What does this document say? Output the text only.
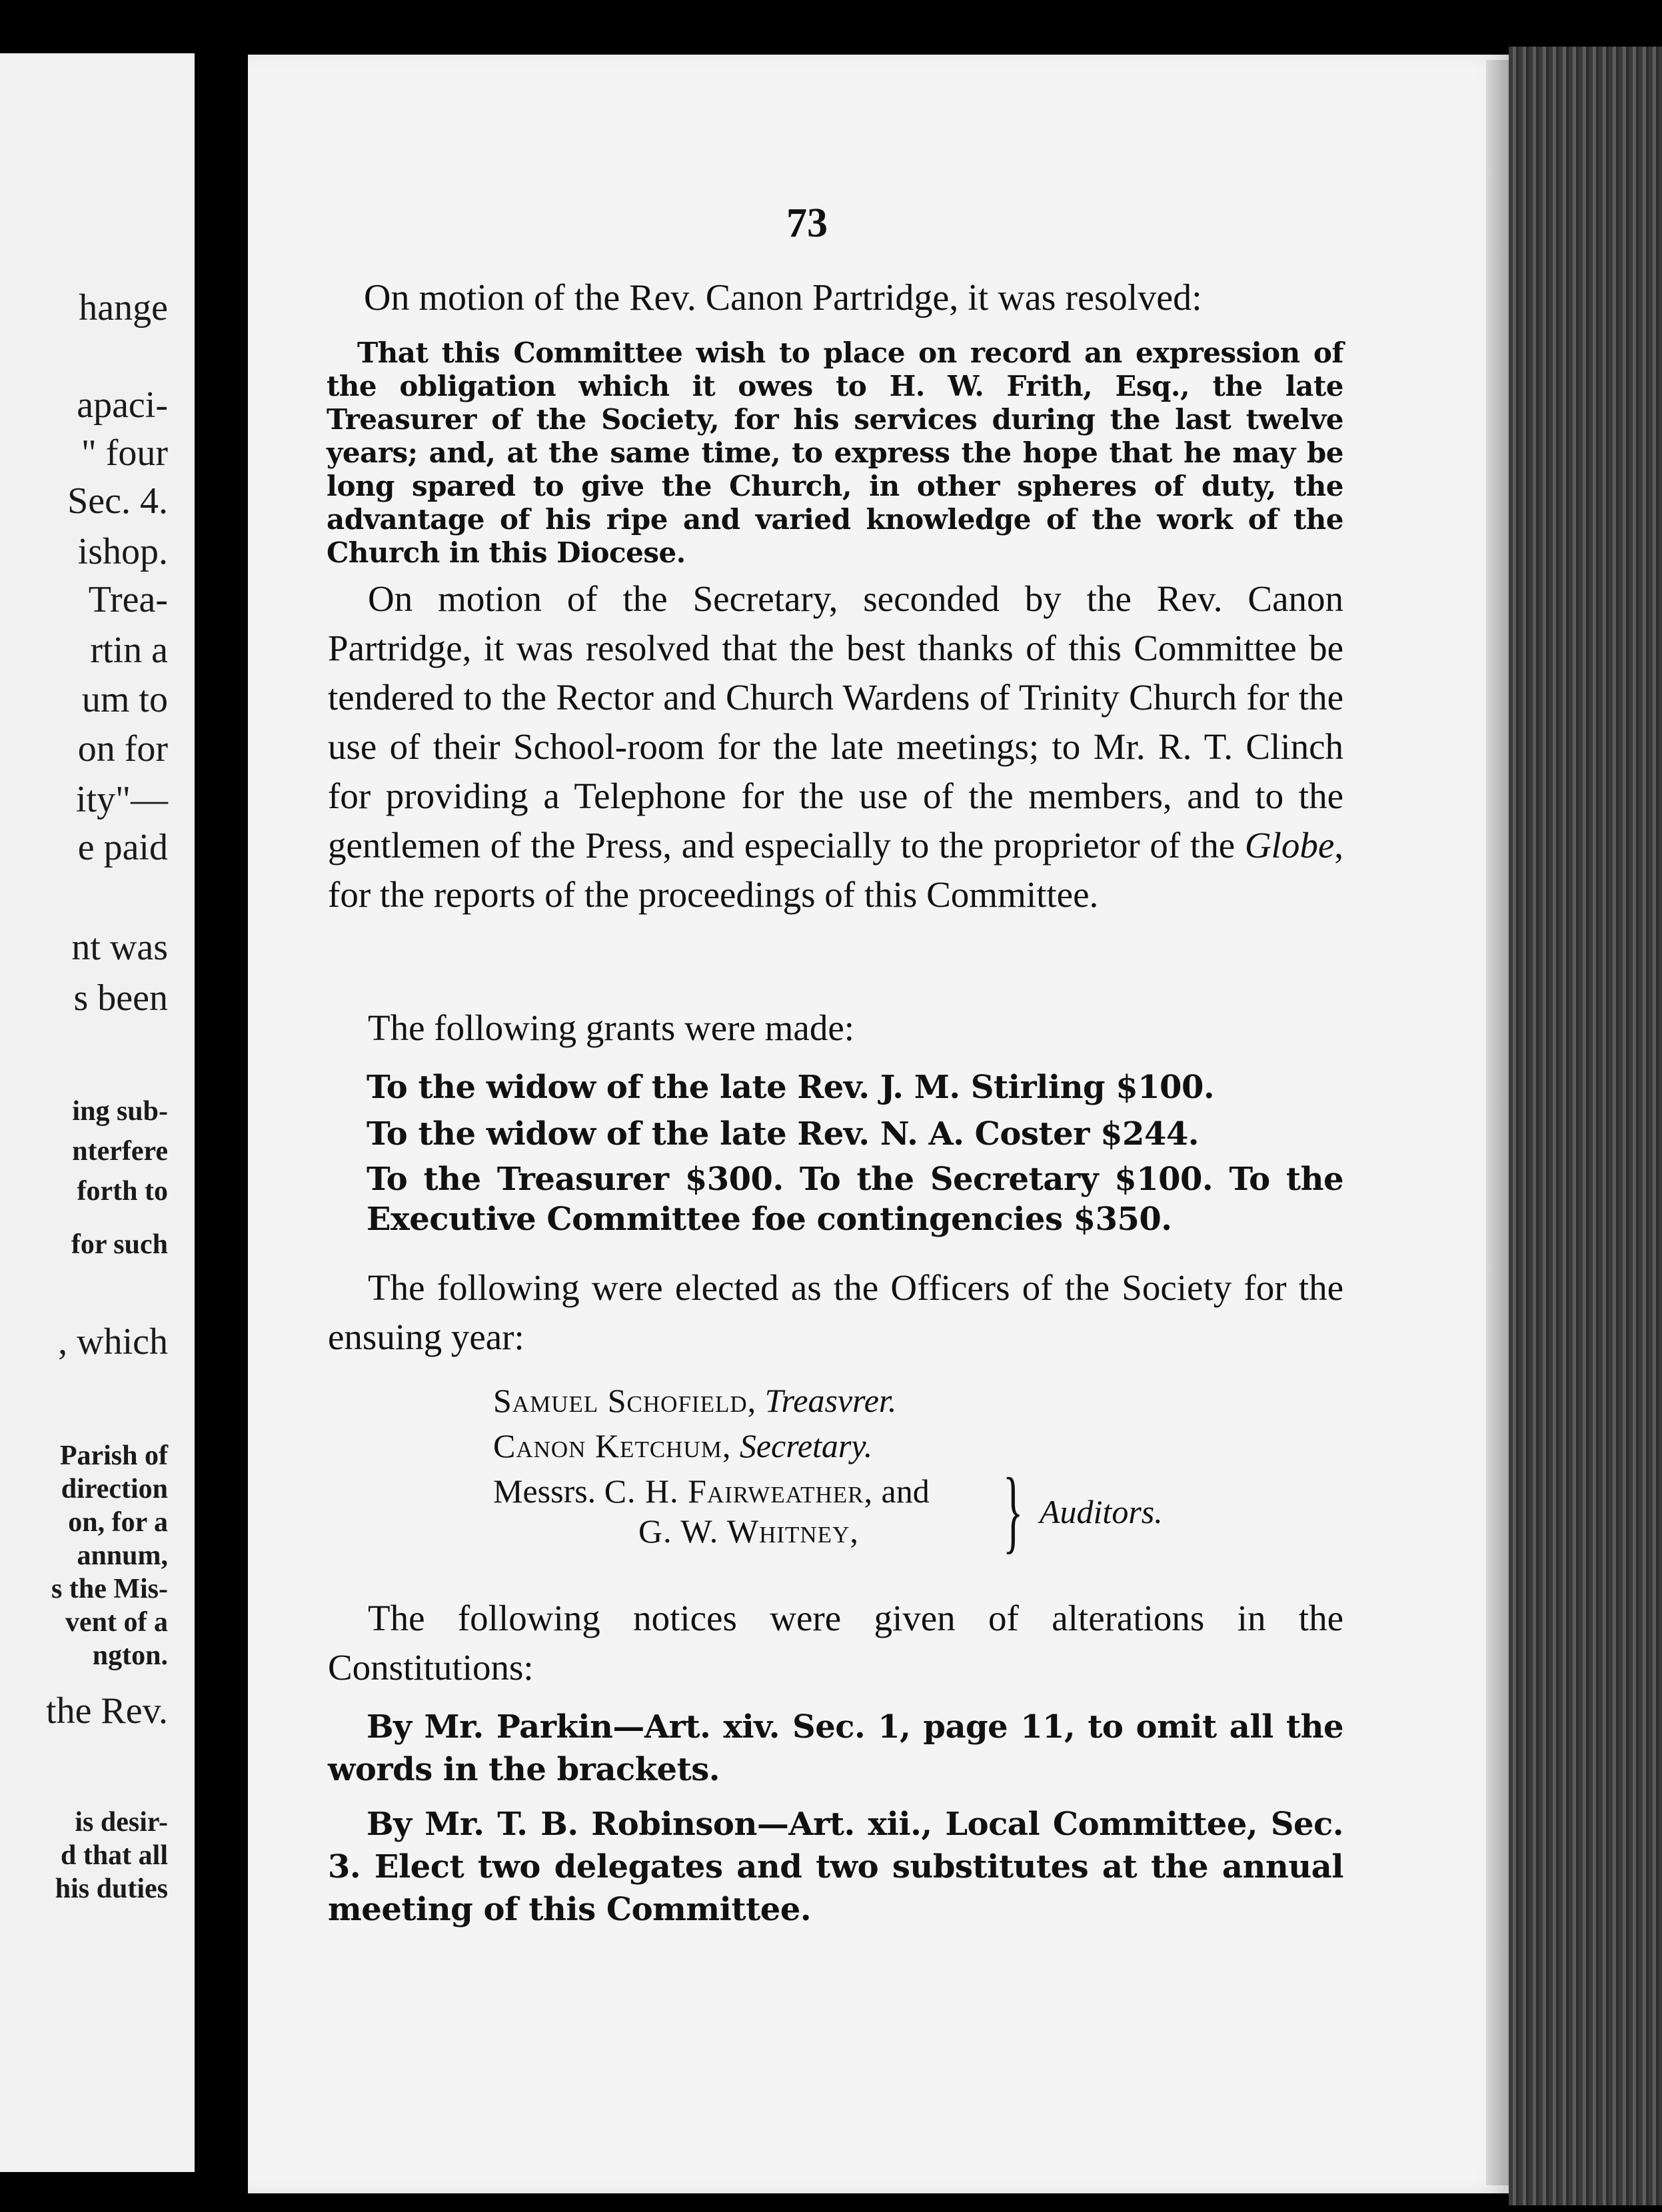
hange
apaci-
" four
Sec. 4.
ishop.
Trea-
rtin a
um to
on for
ity"—
e paid
nt was
s been
ing sub-
nterfere
forth to
for such
, which
Parish of
direction
on, for a
annum,
s the Mis-
vent of a
ngton.
the Rev.
is desir-
d that all
his duties
73
On motion of the Rev. Canon Partridge, it was resolved:
That this Committee wish to place on record an expression of the obligation which it owes to H. W. Frith, Esq., the late Treasurer of the Society, for his services during the last twelve years; and, at the same time, to express the hope that he may be long spared to give the Church, in other spheres of duty, the advantage of his ripe and varied knowledge of the work of the Church in this Diocese.
On motion of the Secretary, seconded by the Rev. Canon Partridge, it was resolved that the best thanks of this Committee be tendered to the Rector and Church Wardens of Trinity Church for the use of their School-room for the late meetings; to Mr. R. T. Clinch for providing a Telephone for the use of the members, and to the gentlemen of the Press, and especially to the proprietor of the Globe, for the reports of the proceedings of this Committee.
The following grants were made:
To the widow of the late Rev. J. M. Stirling $100.
To the widow of the late Rev. N. A. Coster $244.
To the Treasurer $300. To the Secretary $100. To the Executive Committee foe contingencies $350.
The following were elected as the Officers of the Society for the ensuing year:
Samuel Schofield, Treasvrer.
Canon Ketchum, Secretary.
Messrs. C. H. Fairweather, and
G. W. Whitney, } Auditors.
The following notices were given of alterations in the Constitutions:
By Mr. Parkin—Art. xiv. Sec. 1, page 11, to omit all the words in the brackets.
By Mr. T. B. Robinson—Art. xii., Local Committee, Sec. 3. Elect two delegates and two substitutes at the annual meeting of this Committee.
